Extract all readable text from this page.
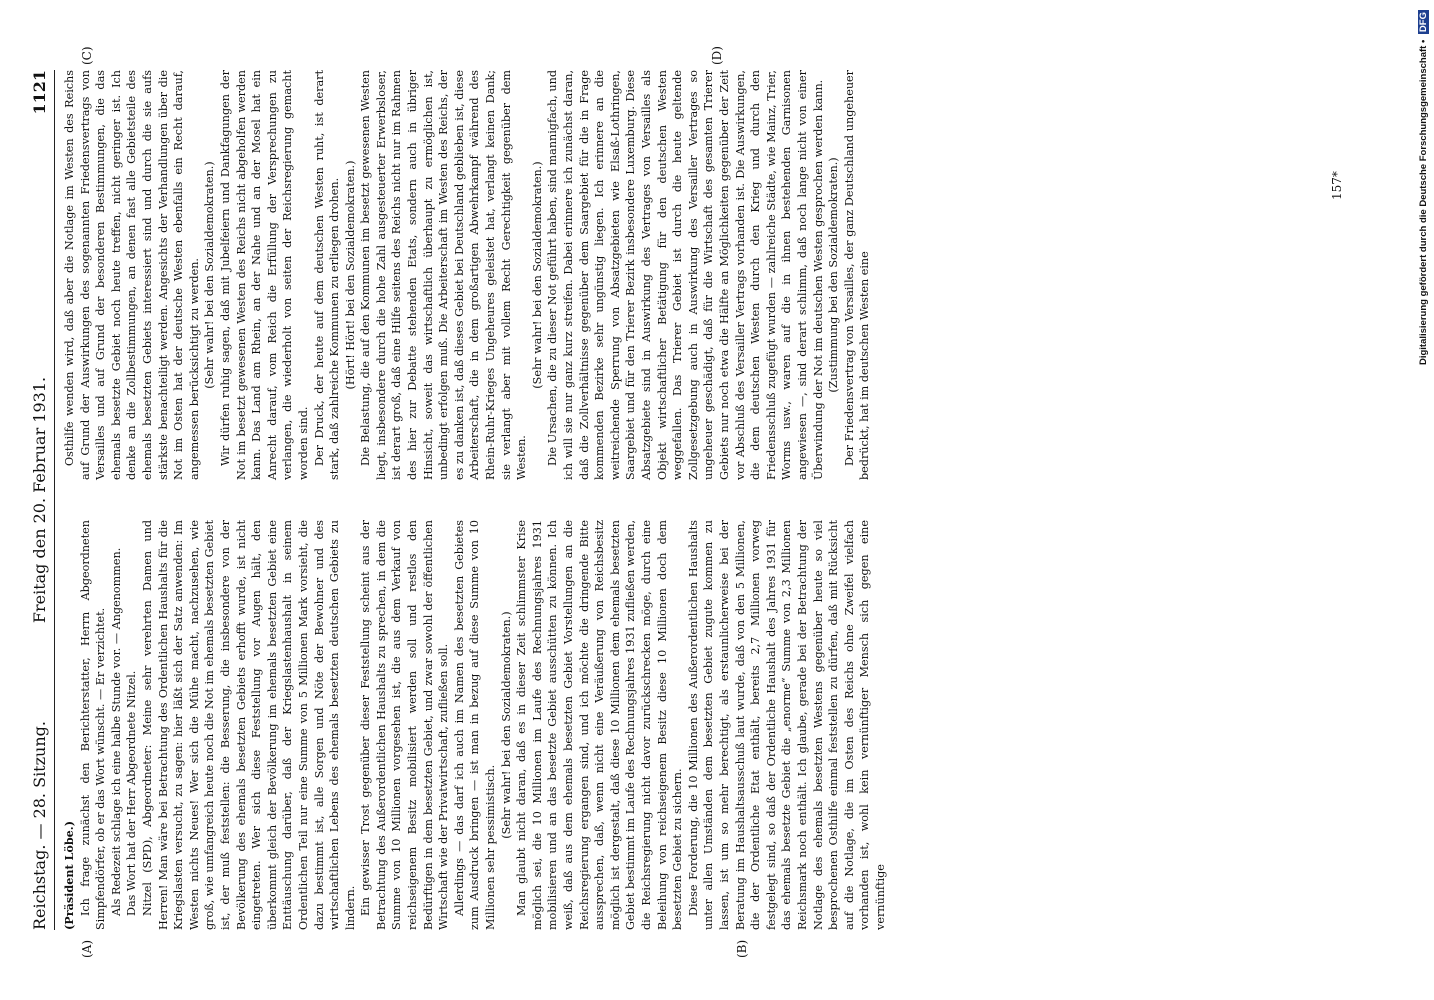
Reichstag. — 28. Sitzung.
Freitag den 20. Februar 1931.
1121
(A)	(B)
(C)	(D)

(Präsident Löbe.) Ich frage zunächst den Berichterstatter, Herrn Abgeordneten Simpfendörfer, ob er das Wort wünscht. — Er verzichtet. Als Redezeit schlage ich eine halbe Stunde vor. — Angenommen. Das Wort hat der Herr Abgeordnete Nitzel. Nitzel (SPD), Abgeordneter: Meine sehr verehrten Damen und Herren! Man wäre bei Betrachtung des Ordentlichen Haushalts für die Kriegslasten versucht, zu sagen: hier läßt sich der Satz anwenden: Im Westen nichts Neues! Wer sich die Mühe macht, nachzusehen, wie groß, wie umfangreich heute noch die Not im ehemals besetzten Gebiet ist, der muß feststellen: die Besserung, die insbesondere von der Bevölkerung des ehemals besetzten Gebiets erhofft wurde, ist nicht eingetreten. Wer sich diese Feststellung vor Augen hält, den überkommt gleich der Bevölkerung im ehemals besetzten Gebiet eine Enttäuschung darüber, daß der Kriegslastenhaushalt in seinem Ordentlichen Teil nur eine Summe von 5 Millionen Mark vorsieht, die dazu bestimmt ist, alle Sorgen und Nöte der Bewohner und des wirtschaftlichen Lebens des ehemals besetzten deutschen Gebiets zu lindern. Ein gewisser Trost gegenüber dieser Feststellung scheint aus der Betrachtung des Außerordentlichen Haushalts zu sprechen, in dem die Summe von 10 Millionen vorgesehen ist, die aus dem Verkauf von reichseigenem Besitz mobilisiert werden soll und restlos den Bedürftigen in dem besetzten Gebiet, und zwar sowohl der öffentlichen Wirtschaft wie der Privatwirtschaft, zufließen soll. Allerdings — das darf ich auch im Namen des besetzten Gebietes zum Ausdruck bringen — ist man in bezug auf diese Summe von 10 Millionen sehr pessimistisch.

(Sehr wahr! bei den Sozialdemokraten.) Man glaubt nicht daran, daß es in dieser Zeit schlimmster Krise möglich sei, die 10 Millionen im Laufe des Rechnungsjahres 1931 mobilisieren und an das besetzte Gebiet ausschütten zu können. Ich weiß, daß aus dem ehemals besetzten Gebiet Vorstellungen an die Reichsregierung ergangen sind, und ich möchte die dringende Bitte aussprechen, daß, wenn nicht eine Veräußerung von Reichsbesitz möglich ist dergestalt, daß diese 10 Millionen dem ehemals besetzten Gebiet bestimmt im Laufe des Rechnungsjahres 1931 zufließen werden, die Reichsregierung nicht davor zurückschrecken möge, durch eine Beleihung von reichseigenem Besitz diese 10 Millionen doch dem besetzten Gebiet zu sichern. Diese Forderung, die 10 Millionen des Außerordentlichen Haushalts unter allen Umständen dem besetzten Gebiet zugute kommen zu lassen, ist um so mehr berechtigt, als erstaunlicherweise bei der Beratung im Haushaltsausschuß laut wurde, daß von den 5 Millionen, die der Ordentliche Etat enthält, bereits 2,7 Millionen vorweg festgelegt sind, so daß der Ordentliche Haushalt des Jahres 1931 für das ehemals besetzte Gebiet die „enorme“ Summe von 2,3 Millionen Reichsmark noch enthält. Ich glaube, gerade bei der Betrachtung der Notlage des ehemals besetzten Westens gegenüber heute so viel besprochenen Osthilfe einmal feststellen zu dürfen, daß mit Rücksicht auf die Notlage, die im Osten des Reichs ohne Zweifel vielfach vorhanden ist, wohl kein vernünftiger Mensch sich gegen eine vernünftige

Osthilfe wenden wird, daß aber die Notlage im Westen des Reichs auf Grund der Auswirkungen des sogenannten Friedensvertrags von Versailles und auf Grund der besonderen Bestimmungen, die das ehemals besetzte Gebiet noch heute treffen, nicht geringer ist. Ich denke an die Zollbestimmungen, an denen fast alle Gebietsteile des ehemals besetzten Gebiets interessiert sind und durch die sie aufs stärkste benachteiligt werden. Angesichts der Verhandlungen über die Not im Osten hat der deutsche Westen ebenfalls ein Recht darauf, angemessen berücksichtigt zu werden. (Sehr wahr! bei den Sozialdemokraten.) Wir dürfen ruhig sagen, daß mit Jubelfeiern und Dankfagungen der Not im besetzt gewesenen Westen des Reichs nicht abgeholfen werden kann. Das Land am Rhein, an der Nahe und an der Mosel hat ein Anrecht darauf, vom Reich die Erfüllung der Versprechungen zu verlangen, die wiederholt von seiten der Reichsregierung gemacht worden sind. Der Druck, der heute auf dem deutschen Westen ruht, ist derart stark, daß zahlreiche Kommunen zu erliegen drohen. (Hört! Hört! bei den Sozialdemokraten.) Die Belastung, die auf den Kommunen im besetzt gewesenen Westen liegt, insbesondere durch die hohe Zahl ausgesteuerter Erwerbsloser, ist derart groß, daß eine Hilfe seitens des Reichs nicht nur im Rahmen des hier zur Debatte stehenden Etats, sondern auch in übriger Hinsicht, soweit das wirtschaftlich überhaupt zu ermöglichen ist, unbedingt erfolgen muß. Die Arbeiterschaft im Westen des Reichs, der es zu danken ist, daß dieses Gebiet bei Deutschland geblieben ist, diese Arbeiterschaft, die in dem großartigen Abwehrkampf während des Rhein-Ruhr-Krieges Ungeheures geleistet hat, verlangt keinen Dank; sie verlangt aber mit vollem Recht Gerechtigkeit gegenüber dem Westen.

(Sehr wahr! bei den Sozialdemokraten.) Die Ursachen, die zu dieser Not geführt haben, sind mannigfach, und ich will sie nur ganz kurz streifen. Dabei erinnere ich zunächst daran, daß die Zollverhältnisse gegenüber dem Saargebiet für die in Frage kommenden Bezirke sehr ungünstig liegen. Ich erinnere an die weitreichende Sperrung von Absatzgebieten wie Elsaß-Lothringen, Saargebiet und für den Trierer Bezirk insbesondere Luxemburg. Diese Absatzgebiete sind in Auswirkung des Vertrages von Versailles als Objekt wirtschaftlicher Betätigung für den deutschen Westen weggefallen. Das Trierer Gebiet ist durch die heute geltende Zollgesetzgebung auch in Auswirkung des Versailler Vertrages so ungeheuer geschädigt, daß für die Wirtschaft des gesamten Trierer Gebiets nur noch etwa die Hälfte an Möglichkeiten gegenüber der Zeit vor Abschluß des Versailler Vertrags vorhanden ist. Die Auswirkungen, die dem deutschen Westen durch den Krieg und durch den Friedensschluß zugefügt wurden — zahlreiche Städte, wie Mainz, Trier, Worms usw., waren auf die in ihnen bestehenden Garnisonen angewiesen —, sind derart schlimm, daß noch lange nicht von einer Überwindung der Not im deutschen Westen gesprochen werden kann. (Zustimmung bei den Sozialdemokraten.) Der Friedensvertrag von Versailles, der ganz Deutschland ungeheuer bedrückt, hat im deutschen Westen eine

157*	Digitalisierung gefördert durch die Deutsche Forschungsgemeinschaft • DFG
